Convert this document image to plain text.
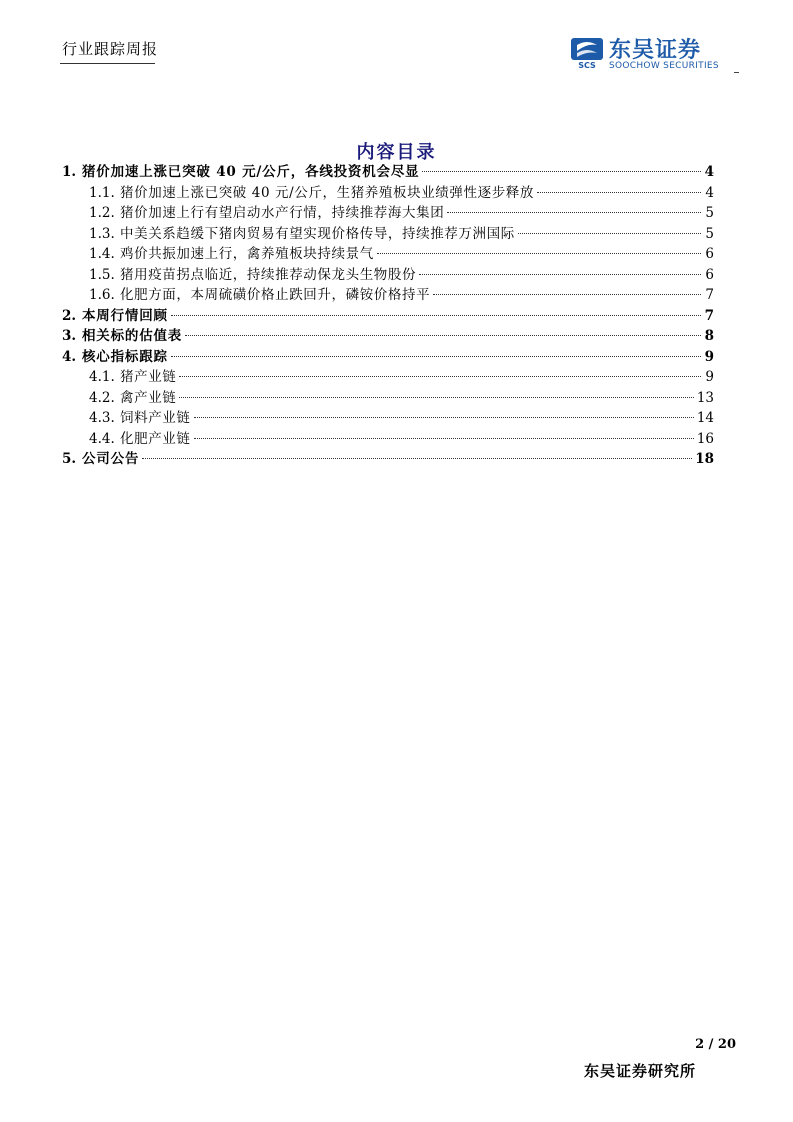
行业跟踪周报
SCS
东吴证券
SOOCHOW SECURITIES
内容目录
1. 猪价加速上涨已突破 40 元/公斤，各线投资机会尽显	4
1.1. 猪价加速上涨已突破 40 元/公斤，生猪养殖板块业绩弹性逐步释放	4
1.2. 猪价加速上行有望启动水产行情，持续推荐海大集团	5
1.3. 中美关系趋缓下猪肉贸易有望实现价格传导，持续推荐万洲国际	5
1.4. 鸡价共振加速上行，禽养殖板块持续景气	6
1.5. 猪用疫苗拐点临近，持续推荐动保龙头生物股份	6
1.6. 化肥方面，本周硫磺价格止跌回升，磷铵价格持平	7
2. 本周行情回顾	7
3. 相关标的估值表	8
4. 核心指标跟踪	9
4.1. 猪产业链	9
4.2. 禽产业链	13
4.3. 饲料产业链	14
4.4. 化肥产业链	16
5. 公司公告	18
2 / 20
东吴证券研究所
